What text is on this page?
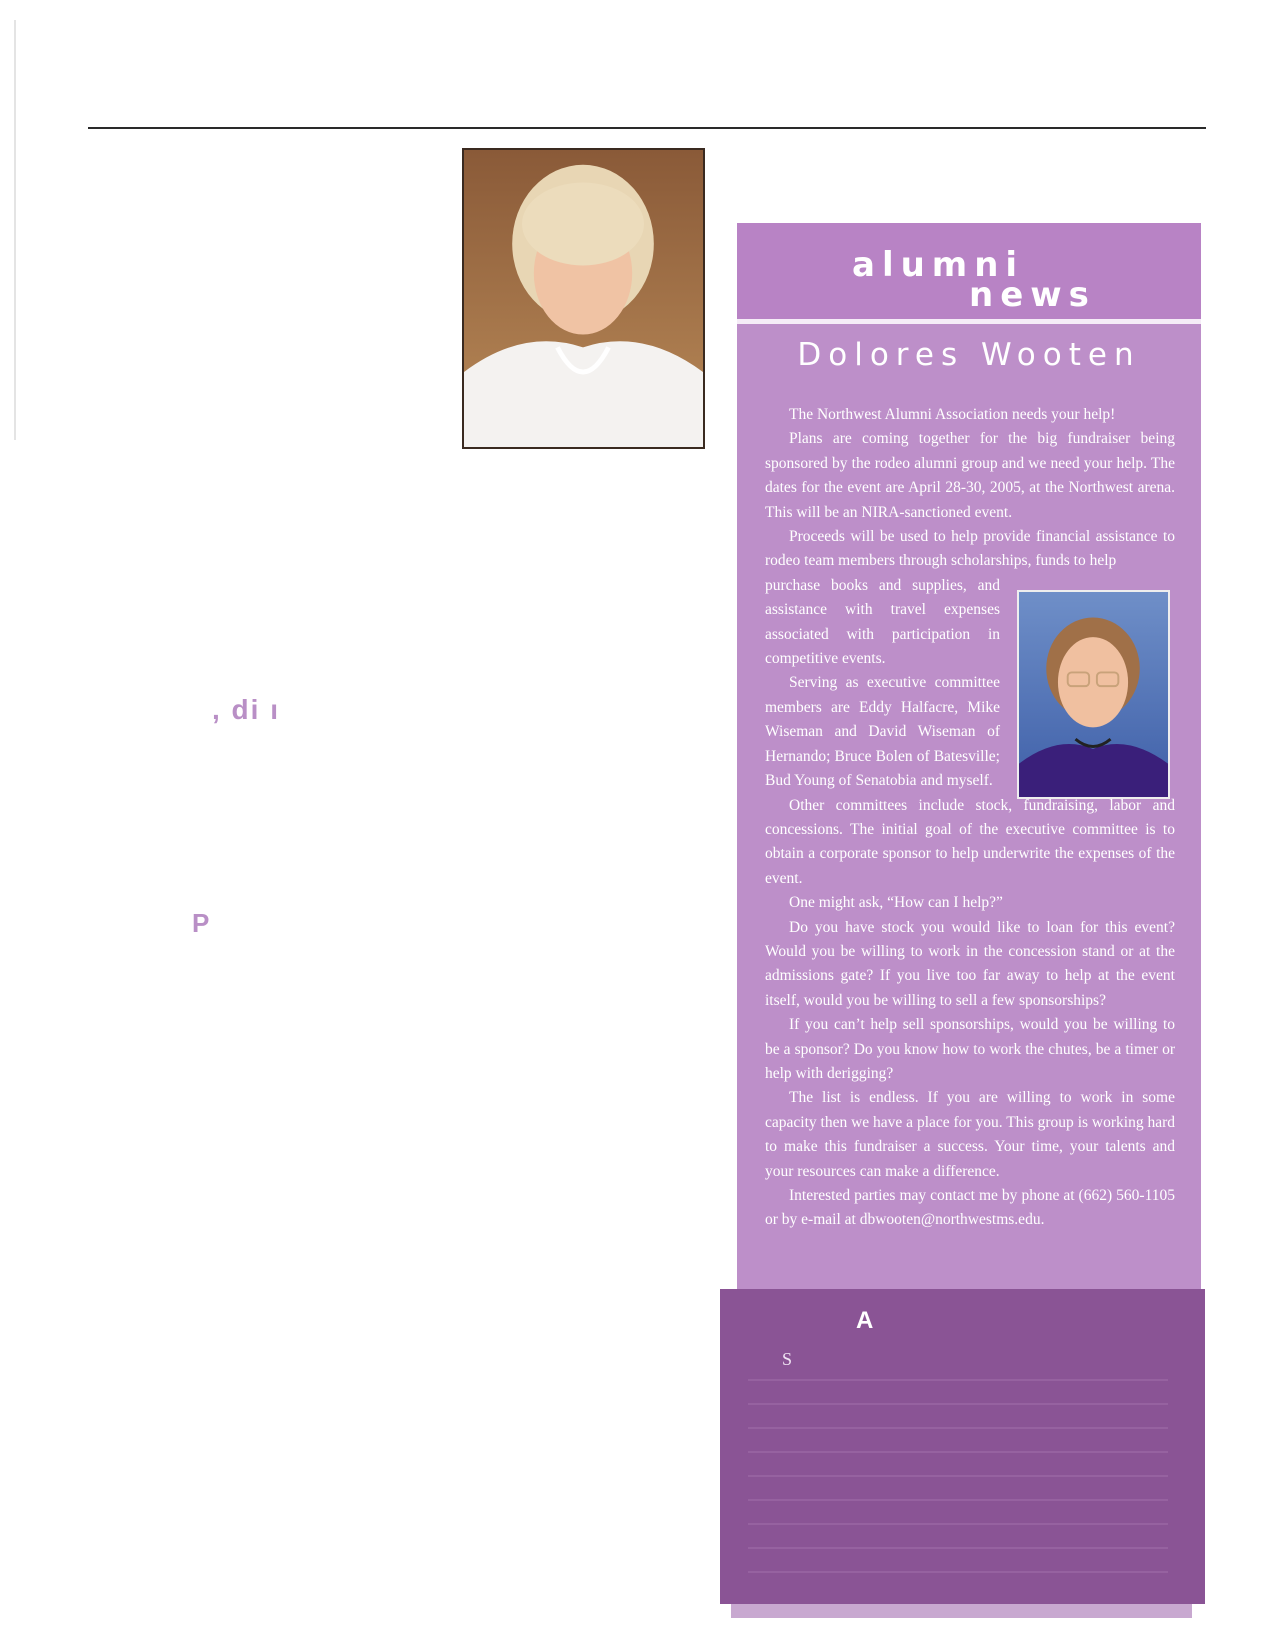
, di ı
P
alumni
news
Dolores Wooten

The Northwest Alumni Association needs your help!

Plans are coming together for the big fundraiser being sponsored by the rodeo alumni group and we need your help. The dates for the event are April 28-30, 2005, at the Northwest arena. This will be an NIRA-sanctioned event.

Proceeds will be used to help provide financial assistance to rodeo team members through scholarships, funds to help

purchase books and supplies, and assistance with travel expenses associated with participation in competitive events.

Serving as executive committee members are Eddy Halfacre, Mike Wiseman and David Wiseman of Hernando; Bruce Bolen of Batesville; Bud Young of Senatobia and myself.

Other committees include stock, fundraising, labor and concessions. The initial goal of the executive committee is to obtain a corporate sponsor to help underwrite the expenses of the event.

One might ask, “How can I help?”

Do you have stock you would like to loan for this event? Would you be willing to work in the concession stand or at the admissions gate? If you live too far away to help at the event itself, would you be willing to sell a few sponsorships?

If you can’t help sell sponsorships, would you be willing to be a sponsor? Do you know how to work the chutes, be a timer or help with derigging?

The list is endless. If you are willing to work in some capacity then we have a place for you. This group is working hard to make this fundraiser a success. Your time, your talents and your resources can make a difference.

Interested parties may contact me by phone at (662) 560-1105 or by e-mail at dbwooten@northwestms.edu.

A
S
